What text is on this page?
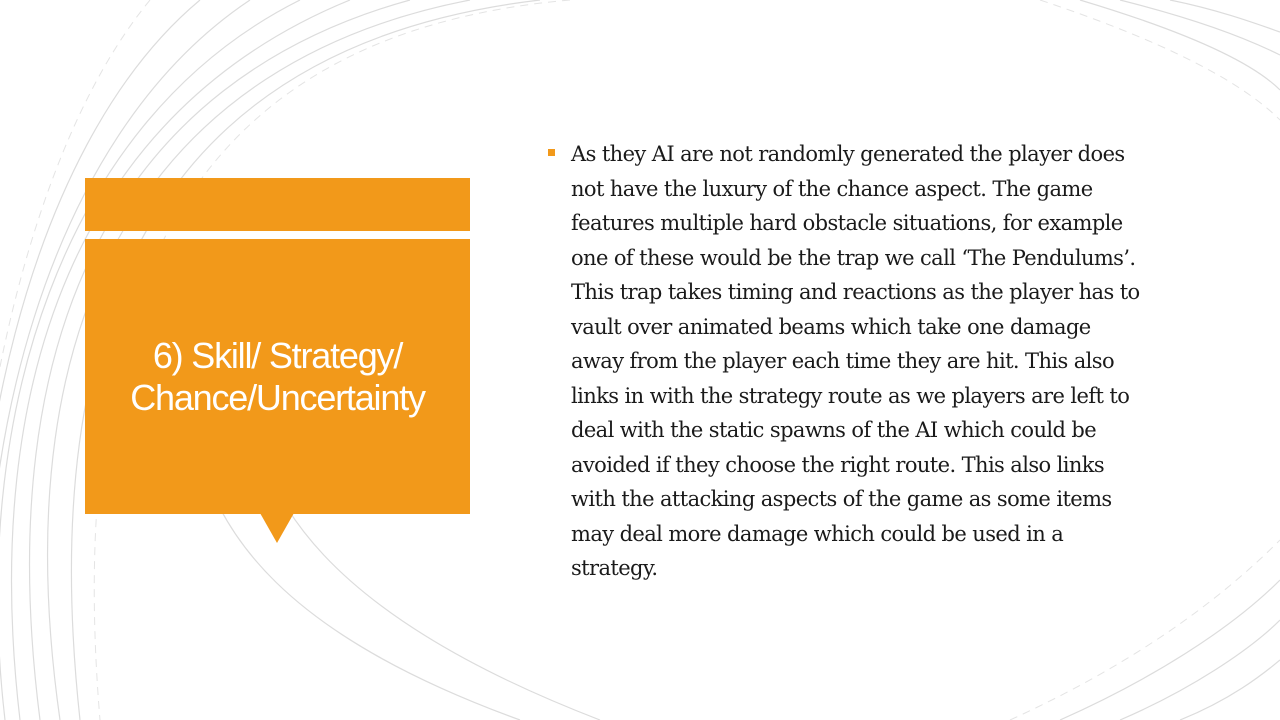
6) Skill/ Strategy/
Chance/Uncertainty
As they AI are not randomly generated the player does
not have the luxury of the chance aspect. The game
features multiple hard obstacle situations, for example
one of these would be the trap we call ‘The Pendulums’.
This trap takes timing and reactions as the player has to
vault over animated beams which take one damage
away from the player each time they are hit. This also
links in with the strategy route as we players are left to
deal with the static spawns of the AI which could be
avoided if they choose the right route. This also links
with the attacking aspects of the game as some items
may deal more damage which could be used in a
strategy.
